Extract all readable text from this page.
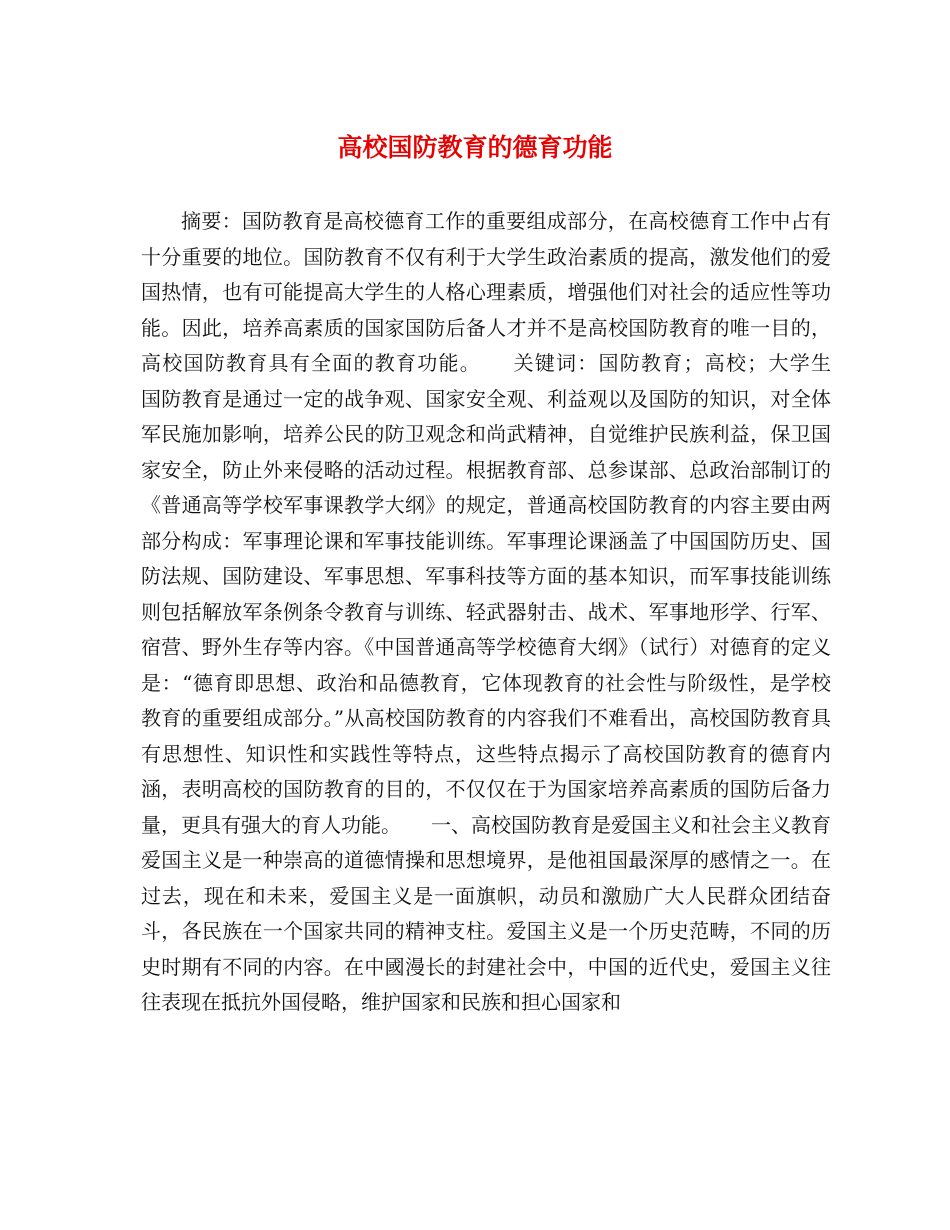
高校国防教育的德育功能

摘要：国防教育是高校德育工作的重要组成部分，在高校德育工作中占有十分重要的地位。国防教育不仅有利于大学生政治素质的提高，激发他们的爱国热情，也有可能提高大学生的人格心理素质，增强他们对社会的适应性等功能。因此，培养高素质的国家国防后备人才并不是高校国防教育的唯一目的，高校国防教育具有全面的教育功能。　　关键词：国防教育；高校；大学生　　国防教育是通过一定的战争观、国家安全观、利益观以及国防的知识，对全体军民施加影响，培养公民的防卫观念和尚武精神，自觉维护民族利益，保卫国家安全，防止外来侵略的活动过程。根据教育部、总参谋部、总政治部制订的《普通高等学校军事课教学大纲》的规定，普通高校国防教育的内容主要由两部分构成：军事理论课和军事技能训练。军事理论课涵盖了中国国防历史、国防法规、国防建设、军事思想、军事科技等方面的基本知识，而军事技能训练则包括解放军条例条令教育与训练、轻武器射击、战术、军事地形学、行军、宿营、野外生存等内容。《中国普通高等学校德育大纲》（试行）对德育的定义是：“德育即思想、政治和品德教育，它体现教育的社会性与阶级性，是学校教育的重要组成部分。”从高校国防教育的内容我们不难看出，高校国防教育具有思想性、知识性和实践性等特点，这些特点揭示了高校国防教育的德育内涵，表明高校的国防教育的目的，不仅仅在于为国家培养高素质的国防后备力量，更具有强大的育人功能。　　一、高校国防教育是爱国主义和社会主义教育　　爱国主义是一种崇高的道德情操和思想境界，是他祖国最深厚的感情之一。在过去，现在和未来，爱国主义是一面旗帜，动员和激励广大人民群众团结奋斗，各民族在一个国家共同的精神支柱。爱国主义是一个历史范畴，不同的历史时期有不同的内容。在中國漫长的封建社会中，中国的近代史，爱国主义往往表现在抵抗外国侵略，维护国家和民族和担心国家和
